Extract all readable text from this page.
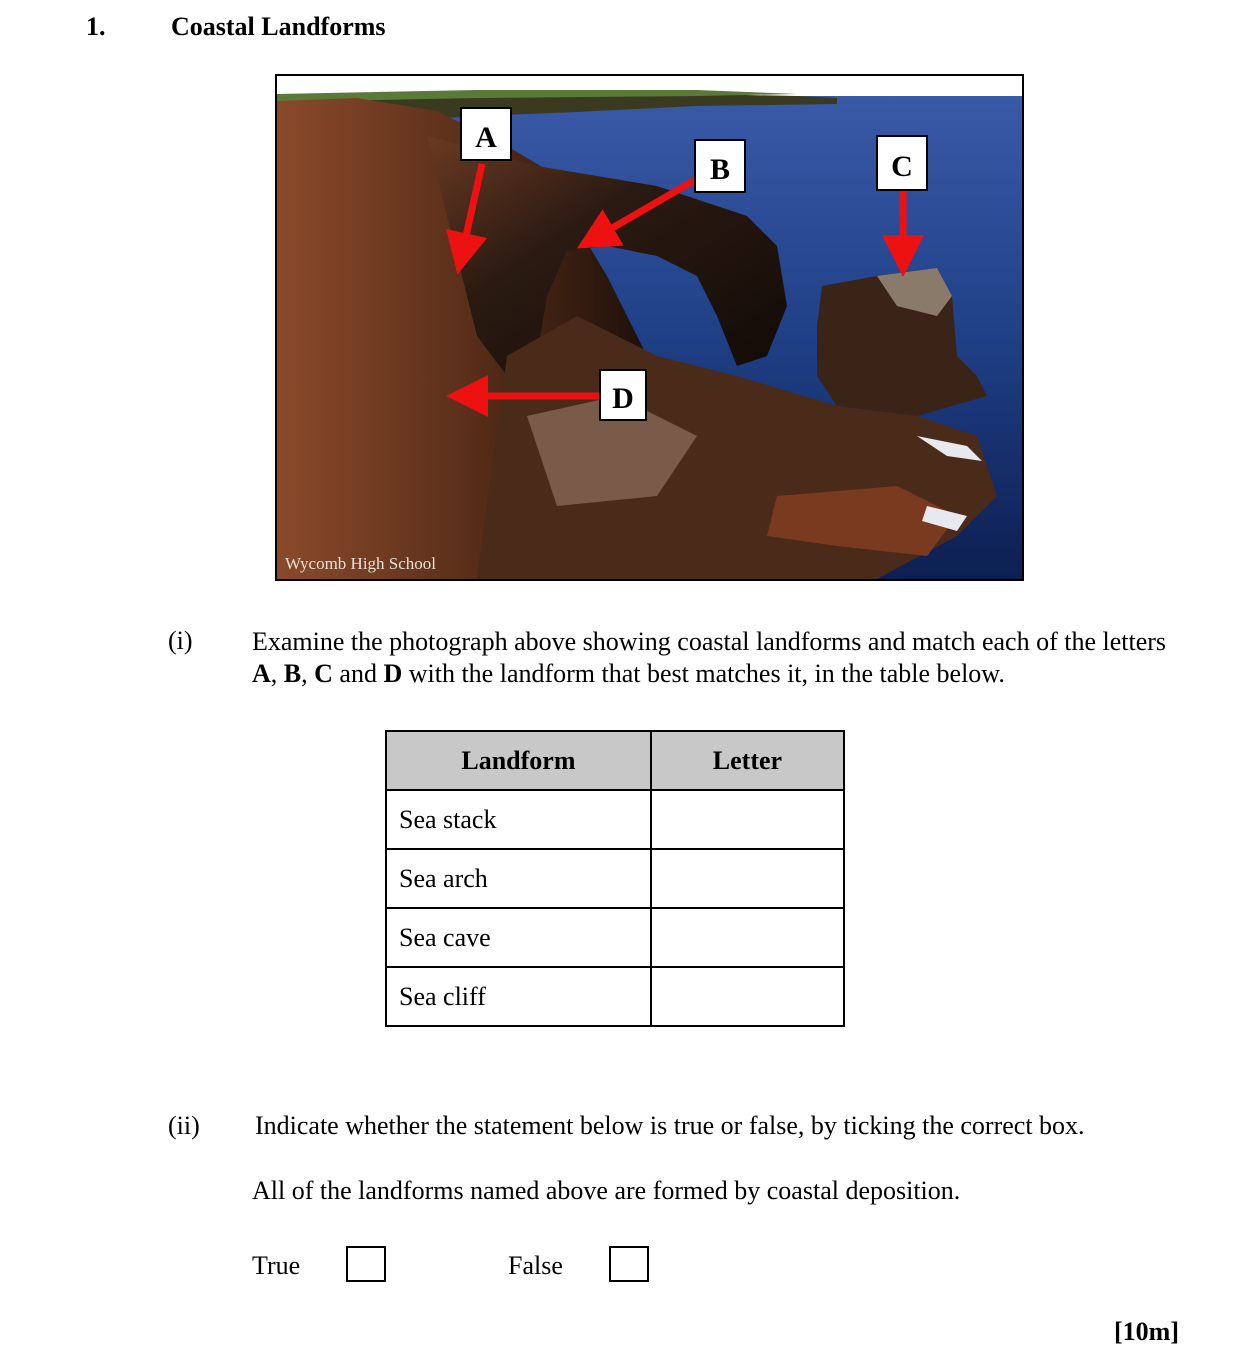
1.	Coastal Landforms
A
B	C
D
Wycomb High School
(i) Examine the photograph above showing coastal landforms and match each of the letters A, B, C and D with the landform that best matches it, in the table below.
Landform	Letter
Sea stack	
Sea arch	
Sea cave	
Sea cliff	
(ii) Indicate whether the statement below is true or false, by ticking the correct box.
All of the landforms named above are formed by coastal deposition.
True	False
[10m]
